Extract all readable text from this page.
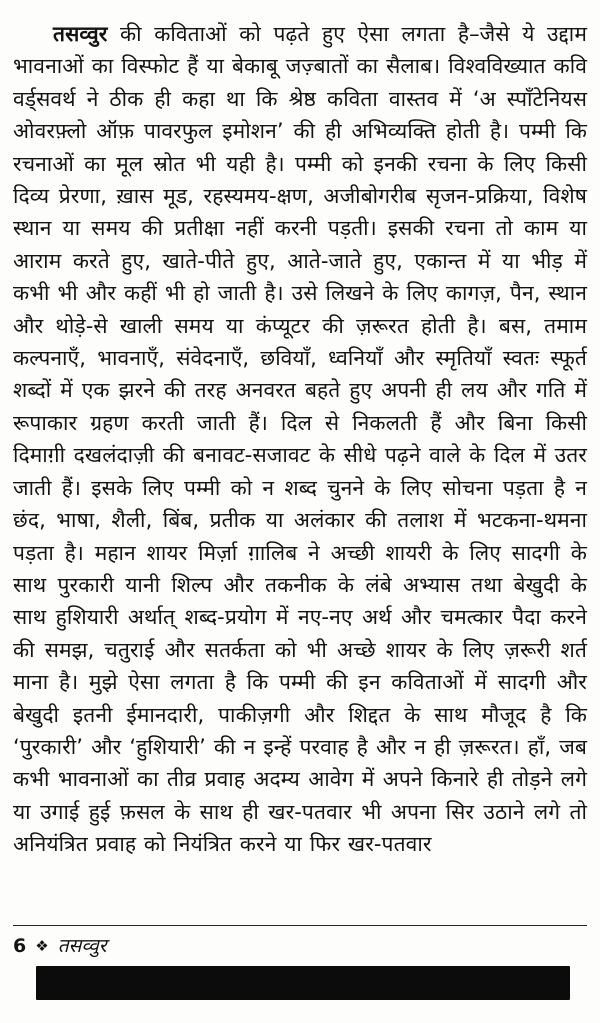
तसव्वुर की कविताओं को पढ़ते हुए ऐसा लगता है–जैसे ये उद्दाम भावनाओं का विस्फोट हैं या बेकाबू जज़्बातों का सैलाब। विश्वविख्यात कवि वर्ड्सवर्थ ने ठीक ही कहा था कि श्रेष्ठ कविता वास्तव में ‘अ स्पाँटेनियस ओवरफ़्लो ऑफ़ पावरफुल इमोशन’ की ही अभिव्यक्ति होती है। पम्मी कि रचनाओं का मूल स्रोत भी यही है। पम्मी को इनकी रचना के लिए किसी दिव्य प्रेरणा, ख़ास मूड, रहस्यमय-क्षण, अजीबोगरीब सृजन-प्रक्रिया, विशेष स्थान या समय की प्रतीक्षा नहीं करनी पड़ती। इसकी रचना तो काम या आराम करते हुए, खाते-पीते हुए, आते-जाते हुए, एकान्त में या भीड़ में कभी भी और कहीं भी हो जाती है। उसे लिखने के लिए कागज़, पैन, स्थान और थोड़े-से खाली समय या कंप्यूटर की ज़रूरत होती है। बस, तमाम कल्पनाएँ, भावनाएँ, संवेदनाएँ, छवियाँ, ध्वनियाँ और स्मृतियाँ स्वतः स्फूर्त शब्दों में एक झरने की तरह अनवरत बहते हुए अपनी ही लय और गति में रूपाकार ग्रहण करती जाती हैं। दिल से निकलती हैं और बिना किसी दिमाग़ी दखलंदाज़ी की बनावट-सजावट के सीधे पढ़ने वाले के दिल में उतर जाती हैं। इसके लिए पम्मी को न शब्द चुनने के लिए सोचना पड़ता है न छंद, भाषा, शैली, बिंब, प्रतीक या अलंकार की तलाश में भटकना-थमना पड़ता है। महान शायर मिर्ज़ा ग़ालिब ने अच्छी शायरी के लिए सादगी के साथ पुरकारी यानी शिल्प और तकनीक के लंबे अभ्यास तथा बेखुदी के साथ हुशियारी अर्थात् शब्द-प्रयोग में नए-नए अर्थ और चमत्कार पैदा करने की समझ, चतुराई और सतर्कता को भी अच्छे शायर के लिए ज़रूरी शर्त माना है। मुझे ऐसा लगता है कि पम्मी की इन कविताओं में सादगी और बेखुदी इतनी ईमानदारी, पाकीज़गी और शिद्दत के साथ मौजूद है कि ‘पुरकारी’ और ‘हुशियारी’ की न इन्हें परवाह है और न ही ज़रूरत। हाँ, जब कभी भावनाओं का तीव्र प्रवाह अदम्य आवेग में अपने किनारे ही तोड़ने लगे या उगाई हुई फ़सल के साथ ही खर-पतवार भी अपना सिर उठाने लगे तो अनियंत्रित प्रवाह को नियंत्रित करने या फिर खर-पतवार

6 ❖ तसव्वुर
